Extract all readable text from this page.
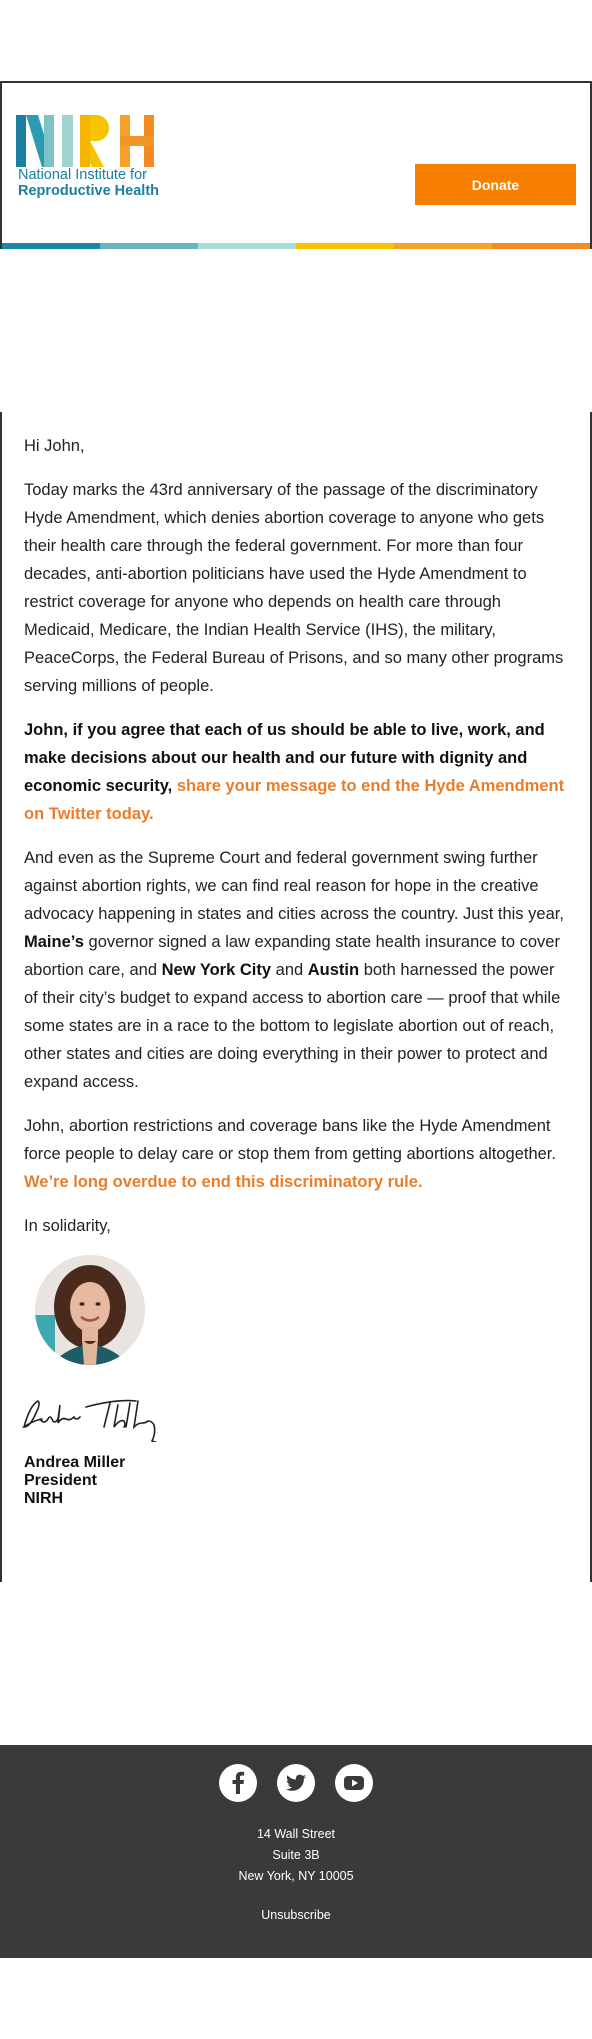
National Institute for
Reproductive Health	Donate

Hi John,

Today marks the 43rd anniversary of the passage of the discriminatory Hyde Amendment, which denies abortion coverage to anyone who gets their health care through the federal government. For more than four decades, anti-abortion politicians have used the Hyde Amendment to restrict coverage for anyone who depends on health care through Medicaid, Medicare, the Indian Health Service (IHS), the military, PeaceCorps, the Federal Bureau of Prisons, and so many other programs serving millions of people.

John, if you agree that each of us should be able to live, work, and make decisions about our health and our future with dignity and economic security, share your message to end the Hyde Amendment on Twitter today.

And even as the Supreme Court and federal government swing further against abortion rights, we can find real reason for hope in the creative advocacy happening in states and cities across the country. Just this year, Maine’s governor signed a law expanding state health insurance to cover abortion care, and New York City and Austin both harnessed the power of their city’s budget to expand access to abortion care — proof that while some states are in a race to the bottom to legislate abortion out of reach, other states and cities are doing everything in their power to protect and expand access.

John, abortion restrictions and coverage bans like the Hyde Amendment force people to delay care or stop them from getting abortions altogether. We’re long overdue to end this discriminatory rule.

In solidarity,

Andrea Miller
President
NIRH
14 Wall Street
Suite 3B
New York, NY 10005
Unsubscribe
